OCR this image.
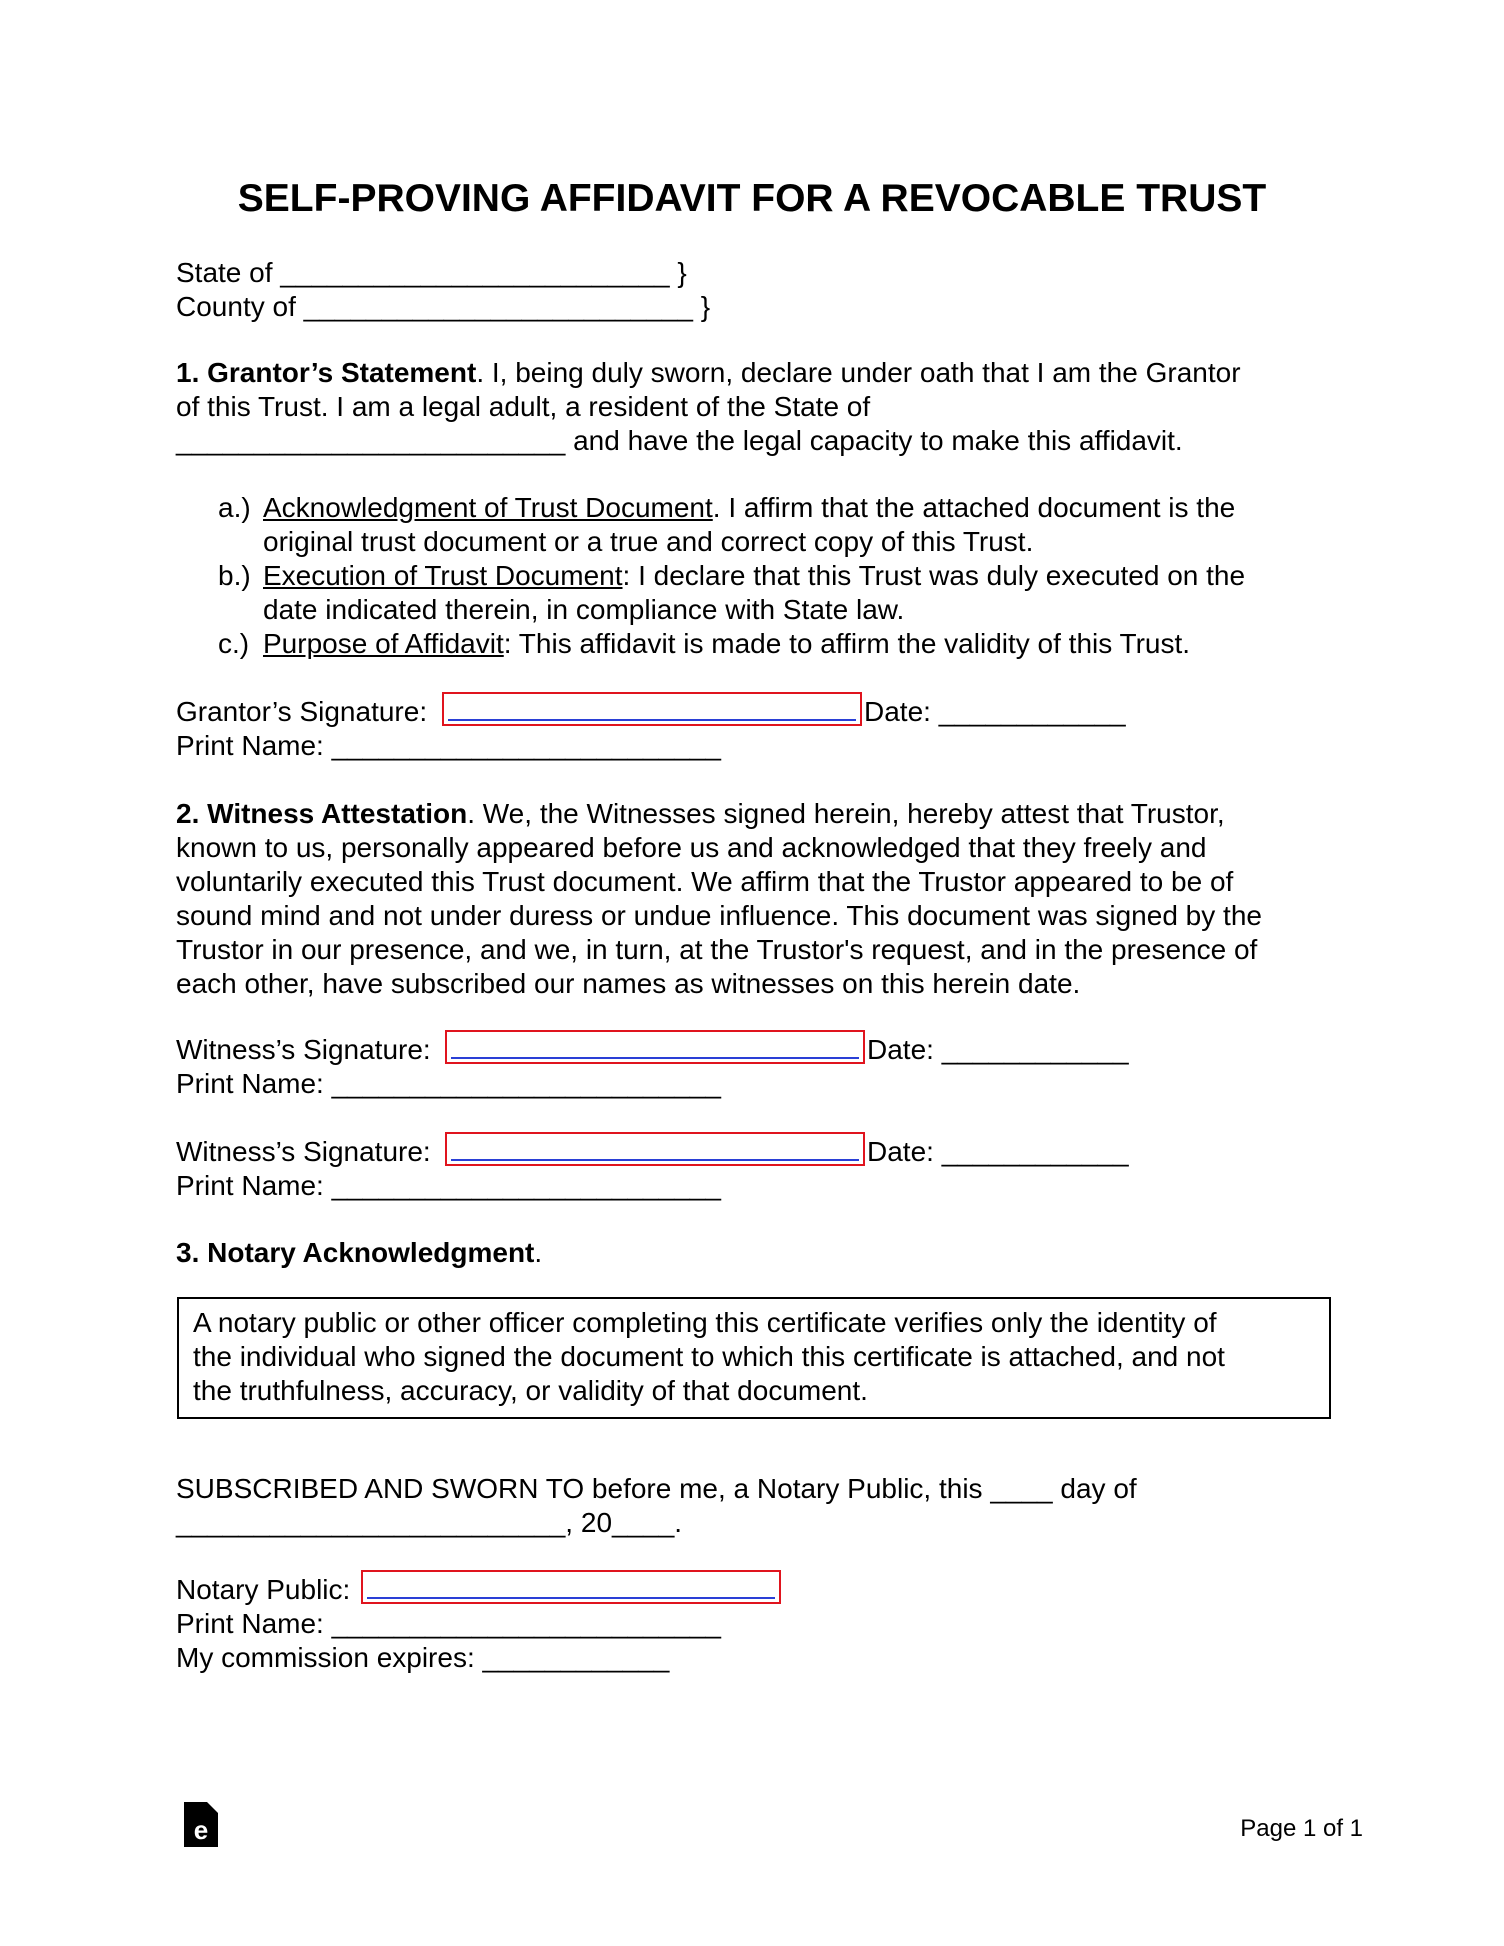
SELF-PROVING AFFIDAVIT FOR A REVOCABLE TRUST
State of _________________________ }
County of _________________________ }
1. Grantor’s Statement. I, being duly sworn, declare under oath that I am the Grantor
of this Trust. I am a legal adult, a resident of the State of
_________________________ and have the legal capacity to make this affidavit.
a.) Acknowledgment of Trust Document. I affirm that the attached document is the
original trust document or a true and correct copy of this Trust.
b.) Execution of Trust Document: I declare that this Trust was duly executed on the
date indicated therein, in compliance with State law.
c.) Purpose of Affidavit: This affidavit is made to affirm the validity of this Trust.
Grantor’s Signature:	Date: ____________
Print Name: _________________________
2. Witness Attestation. We, the Witnesses signed herein, hereby attest that Trustor,
known to us, personally appeared before us and acknowledged that they freely and
voluntarily executed this Trust document. We affirm that the Trustor appeared to be of
sound mind and not under duress or undue influence. This document was signed by the
Trustor in our presence, and we, in turn, at the Trustor's request, and in the presence of
each other, have subscribed our names as witnesses on this herein date.
Witness’s Signature:	Date: ____________
Print Name: _________________________
Witness’s Signature:	Date: ____________
Print Name: _________________________
3. Notary Acknowledgment.
A notary public or other officer completing this certificate verifies only the identity of
the individual who signed the document to which this certificate is attached, and not
the truthfulness, accuracy, or validity of that document.
SUBSCRIBED AND SWORN TO before me, a Notary Public, this ____ day of
_________________________, 20____.
Notary Public:
Print Name: _________________________
My commission expires: ____________
e	Page 1 of 1
